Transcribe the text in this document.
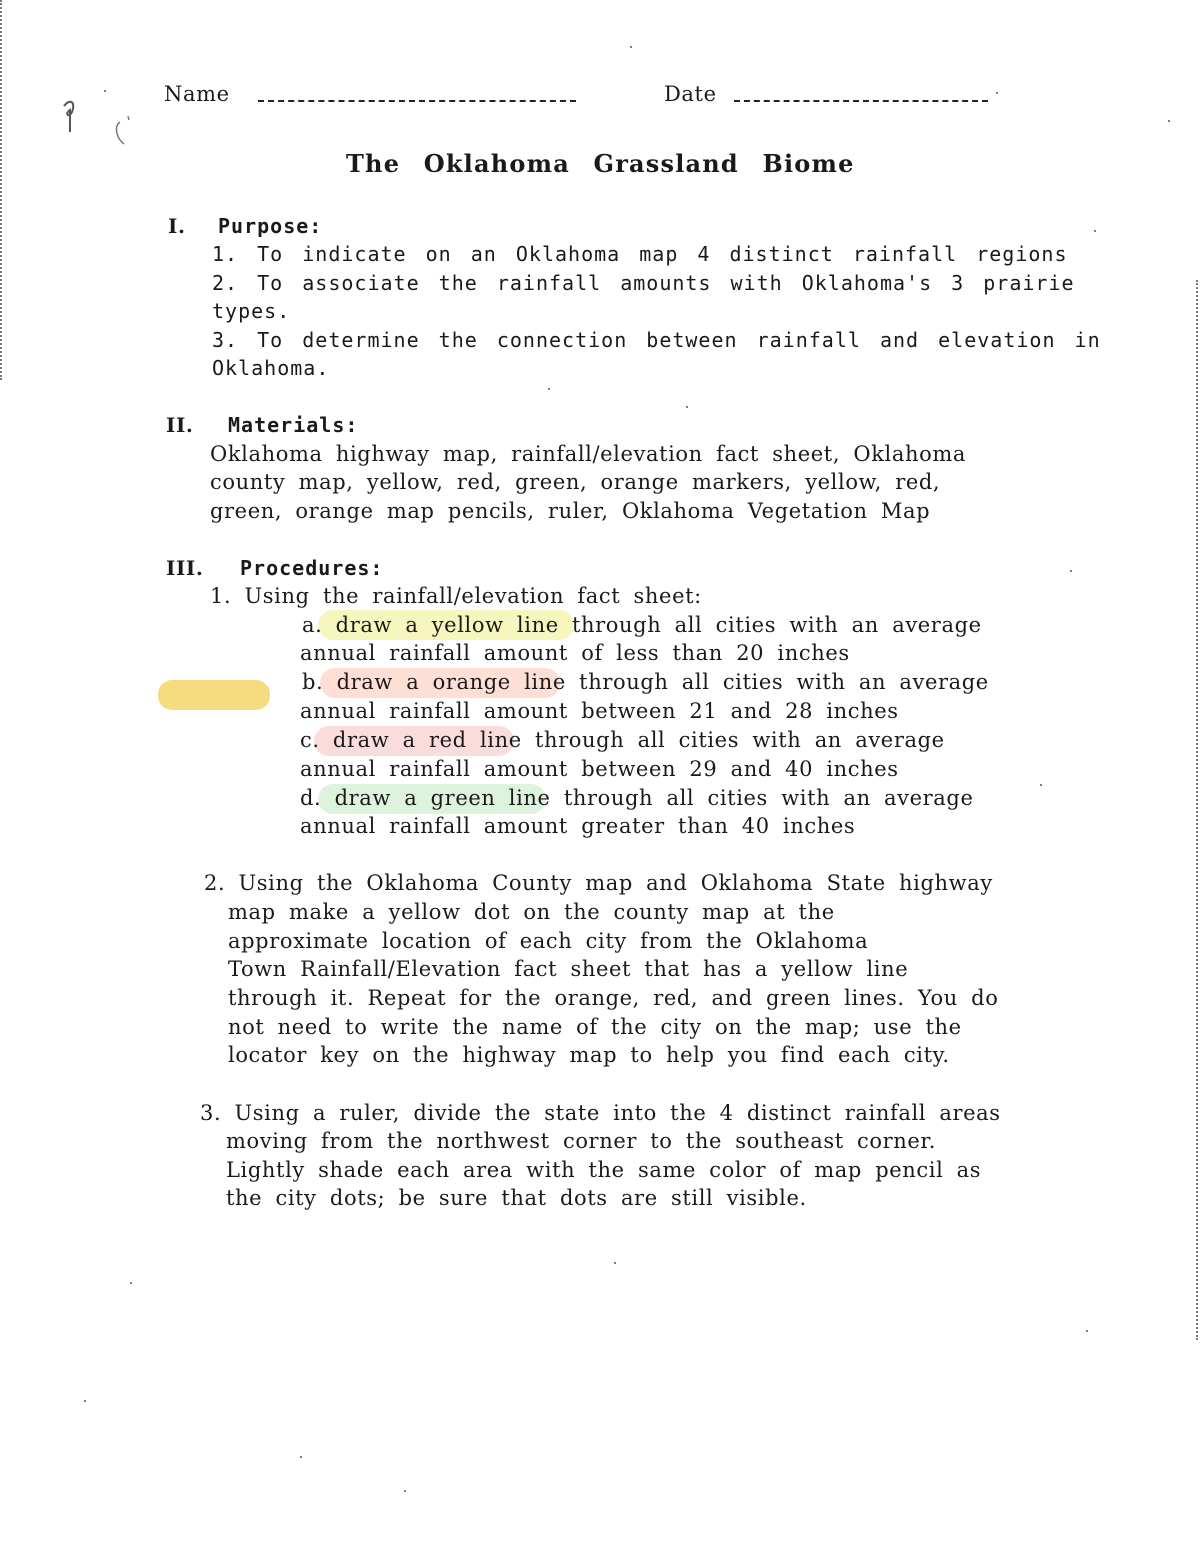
Name	Date
The Oklahoma Grassland Biome
I. Purpose:
1. To indicate on an Oklahoma map 4 distinct rainfall regions
2. To associate the rainfall amounts with Oklahoma's 3 prairie
types.
3. To determine the connection between rainfall and elevation in
Oklahoma.
II. Materials:
Oklahoma highway map, rainfall/elevation fact sheet, Oklahoma
county map, yellow, red, green, orange markers, yellow, red,
green, orange map pencils, ruler, Oklahoma Vegetation Map
III. Procedures:
1. Using the rainfall/elevation fact sheet:
a. draw a yellow line through all cities with an average
annual rainfall amount of less than 20 inches
b. draw a orange line through all cities with an average
annual rainfall amount between 21 and 28 inches
c. draw a red line through all cities with an average
annual rainfall amount between 29 and 40 inches
d. draw a green line through all cities with an average
annual rainfall amount greater than 40 inches
2. Using the Oklahoma County map and Oklahoma State highway
map make a yellow dot on the county map at the
approximate location of each city from the Oklahoma
Town Rainfall/Elevation fact sheet that has a yellow line
through it. Repeat for the orange, red, and green lines. You do
not need to write the name of the city on the map; use the
locator key on the highway map to help you find each city.
3. Using a ruler, divide the state into the 4 distinct rainfall areas
moving from the northwest corner to the southeast corner.
Lightly shade each area with the same color of map pencil as
the city dots; be sure that dots are still visible.
